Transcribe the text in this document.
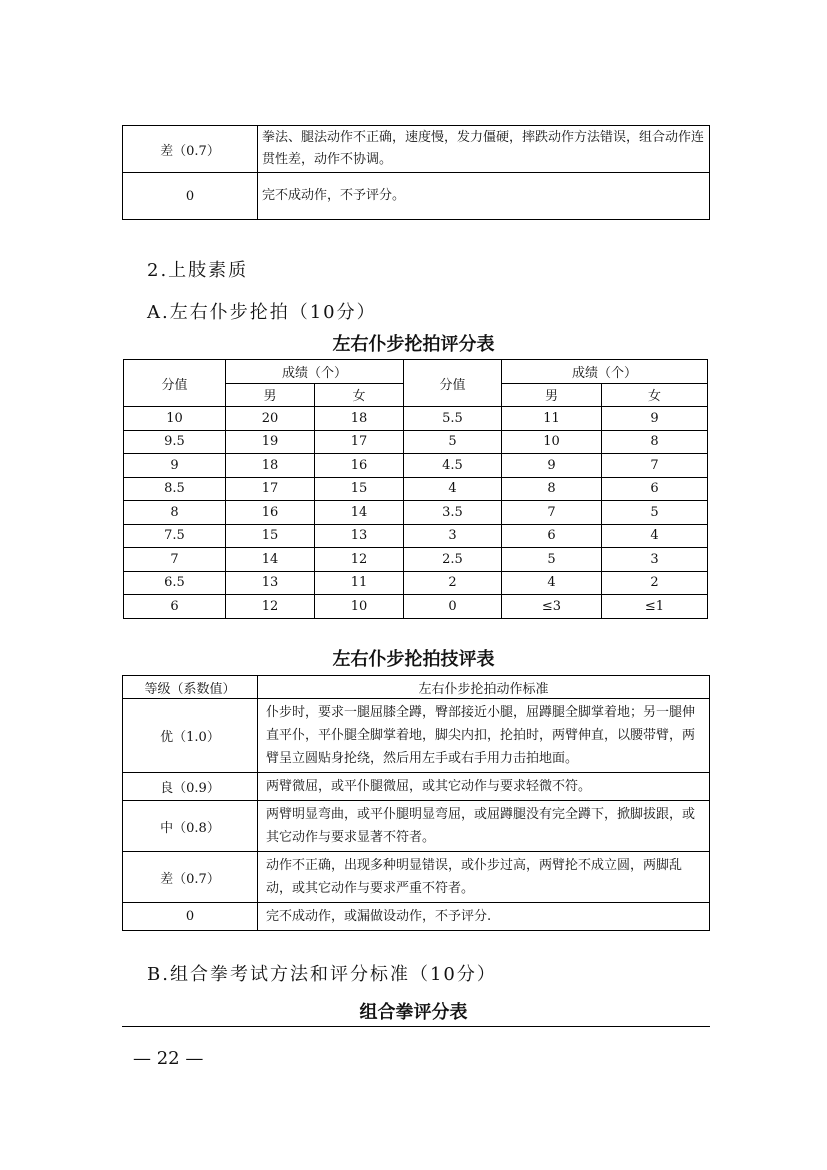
差（0.7）	拳法、腿法动作不正确，速度慢，发力僵硬，摔跌动作方法错误，组合动作连贯性差，动作不协调。
0	完不成动作，不予评分。
2.上肢素质
A.左右仆步抡拍（10分）
左右仆步抡拍评分表
分值	成绩（个）		分值	成绩（个）	
	男	女		男	女
10	20	18	5.5	11	9
9.5	19	17	5	10	8
9	18	16	4.5	9	7
8.5	17	15	4	8	6
8	16	14	3.5	7	5
7.5	15	13	3	6	4
7	14	12	2.5	5	3
6.5	13	11	2	4	2
6	12	10	0	≤3	≤1
左右仆步抡拍技评表
等级（系数值）	左右仆步抡拍动作标准
优（1.0）	仆步时，要求一腿屈膝全蹲，臀部接近小腿，屈蹲腿全脚掌着地；另一腿伸直平仆，平仆腿全脚掌着地，脚尖内扣，抡拍时，两臂伸直，以腰带臂，两臂呈立圆贴身抡绕，然后用左手或右手用力击拍地面。
良（0.9）	两臂微屈，或平仆腿微屈，或其它动作与要求轻微不符。
中（0.8）	两臂明显弯曲，或平仆腿明显弯屈，或屈蹲腿没有完全蹲下，掀脚拔跟，或其它动作与要求显著不符者。
差（0.7）	动作不正确，出现多种明显错误，或仆步过高，两臂抡不成立圆，两脚乱动，或其它动作与要求严重不符者。
0	完不成动作，或漏做设动作，不予评分.
B.组合拳考试方法和评分标准（10分）
组合拳评分表
— 22 —
